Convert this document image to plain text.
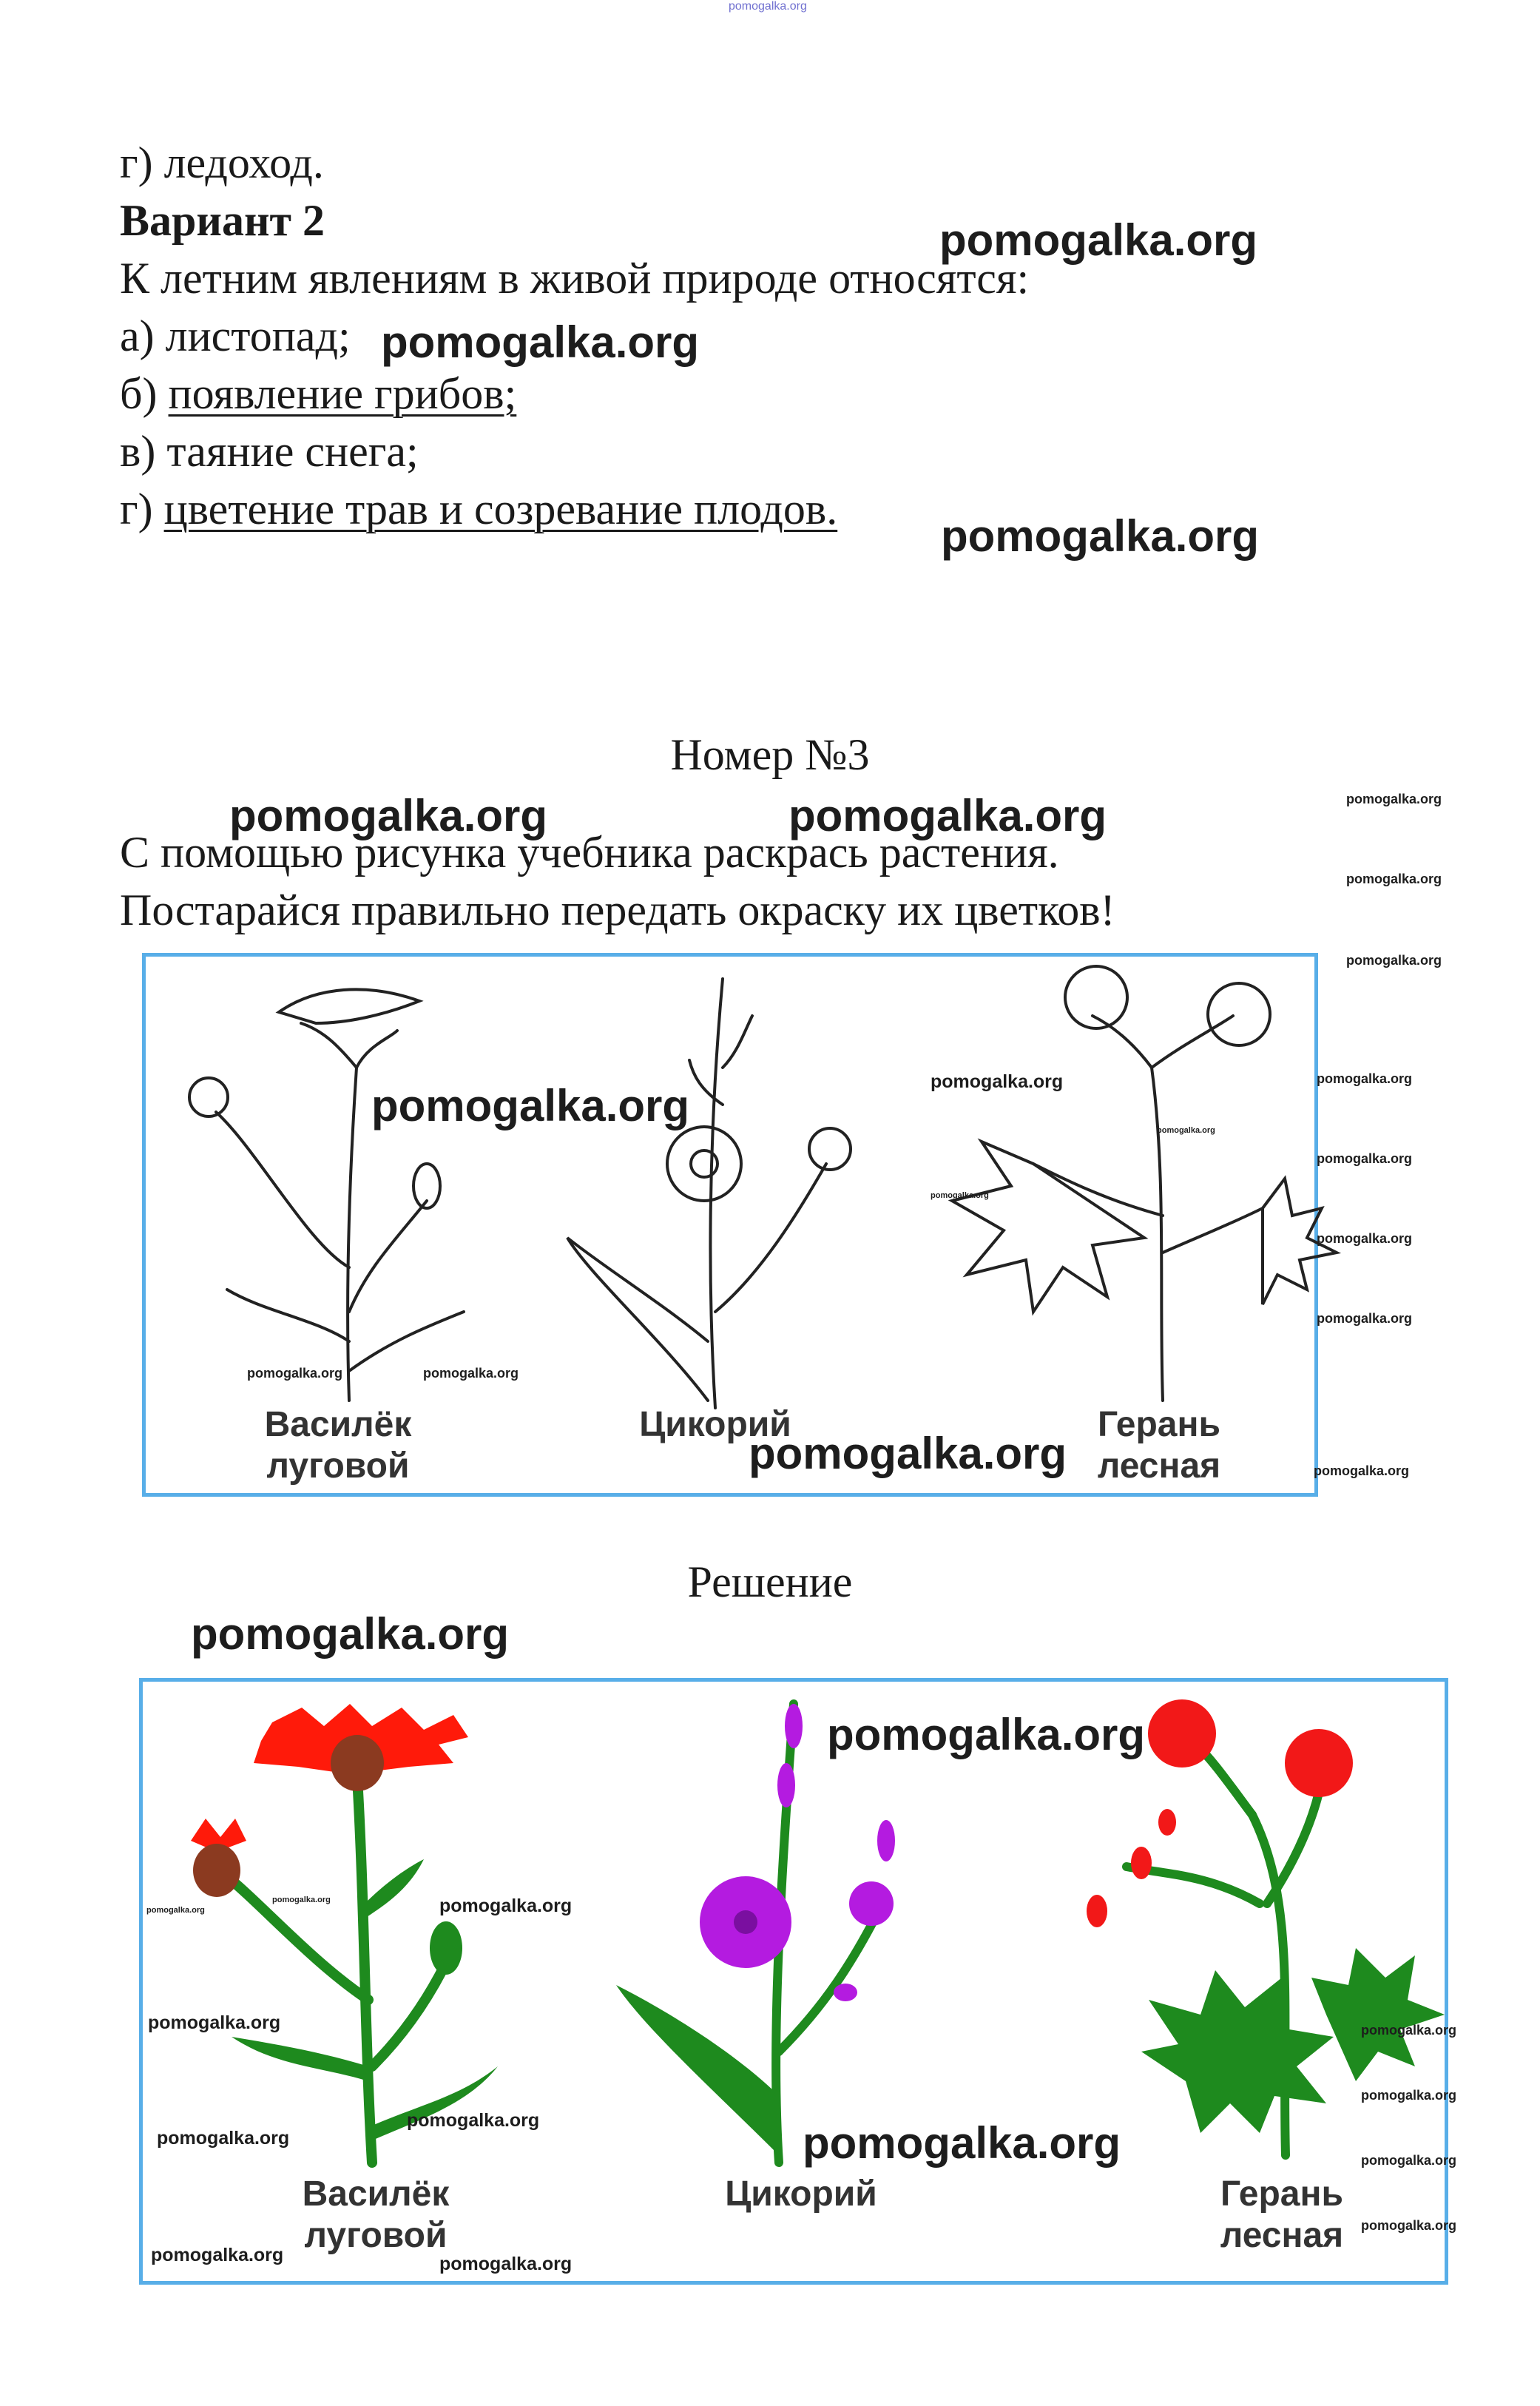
pomogalka.org
г) ледоход.
Вариант 2
К летним явлениям в живой природе относятся:
а) листопад;
б) появление грибов;
в) таяние снега;
г) цветение трав и созревание плодов.
Номер №3
С помощью рисунка учебника раскрась растения.
Постарайся правильно передать окраску их цветков!
Василёк
луговой
Цикорий	Герань
лесная
Решение
Василёк
луговой
Цикорий	Герань
лесная
pomogalka.org
pomogalka.org
pomogalka.org
pomogalka.org	pomogalka.org
pomogalka.org
pomogalka.org
pomogalka.org
pomogalka.org
pomogalka.org
pomogalka.org
pomogalka.org
pomogalka.org
pomogalka.org
pomogalka.org
pomogalka.org	pomogalka.org
pomogalka.org
pomogalka.org
pomogalka.org
pomogalka.org
pomogalka.org
pomogalka.org
pomogalka.org
pomogalka.org
pomogalka.org	pomogalka.org
pomogalka.org
pomogalka.org
pomogalka.org
pomogalka.org
pomogalka.org
pomogalka.org
pomogalka.org
pomogalka.org
